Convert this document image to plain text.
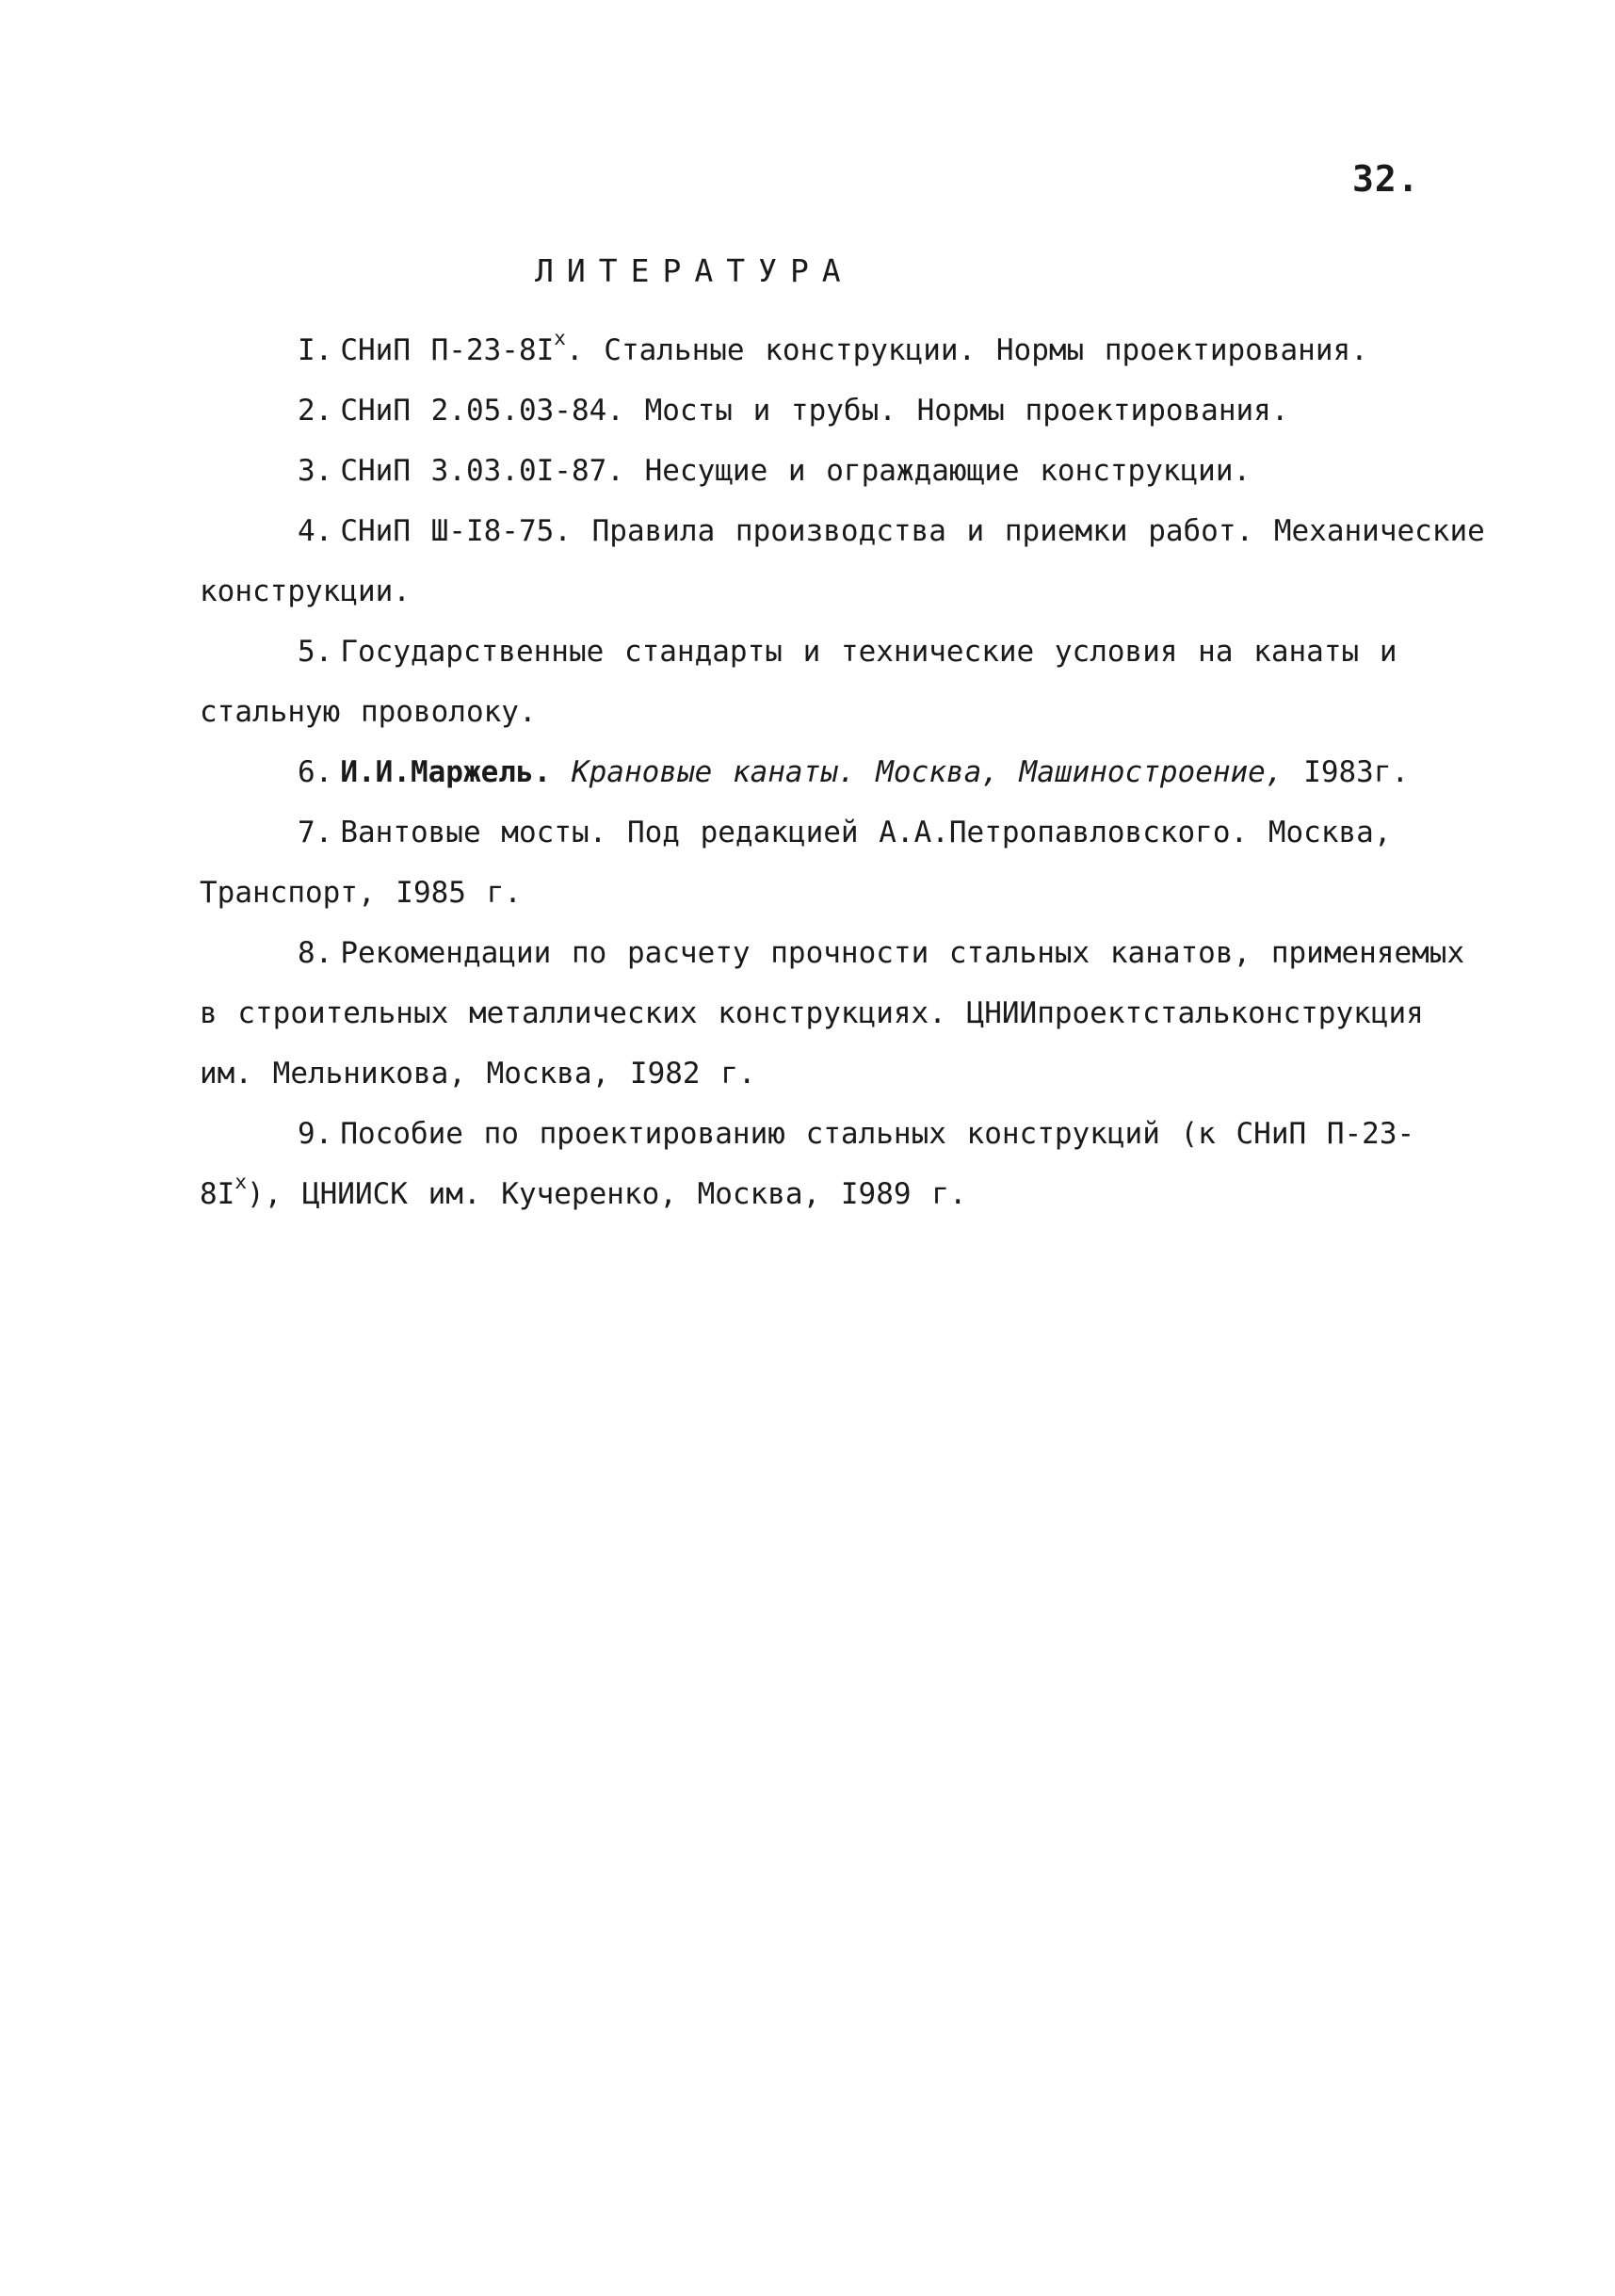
32.
ЛИТЕРАТУРА

I. СНиП $П-23-8I^х$. Стальные конструкции. Нормы проектирования.

2. СНиП 2.05.03-84. Мосты и трубы. Нормы проектирования.

3. СНиП 3.03.0I-87. Несущие и ограждающие конструкции.

4. СНиП Ш-I8-75. Правила производства и приемки работ. Механические конструкции.

5. Государственные стандарты и технические условия на канаты и стальную проволоку.

6. И.И.Маржель. Крановые канаты. Москва, Машиностроение, I983г.

7. Вантовые мосты. Под редакцией А.А.Петропавловского. Москва, Транспорт, I985 г.

8. Рекомендации по расчету прочности стальных канатов, применяемых в строительных металлических конструкциях. ЦНИИпроектстальконструкция им. Мельникова, Москва, I982 г.

9. Пособие по проектированию стальных конструкций (к СНиП $П-23-8I^х$), ЦНИИСК им. Кучеренко, Москва, I989 г.
